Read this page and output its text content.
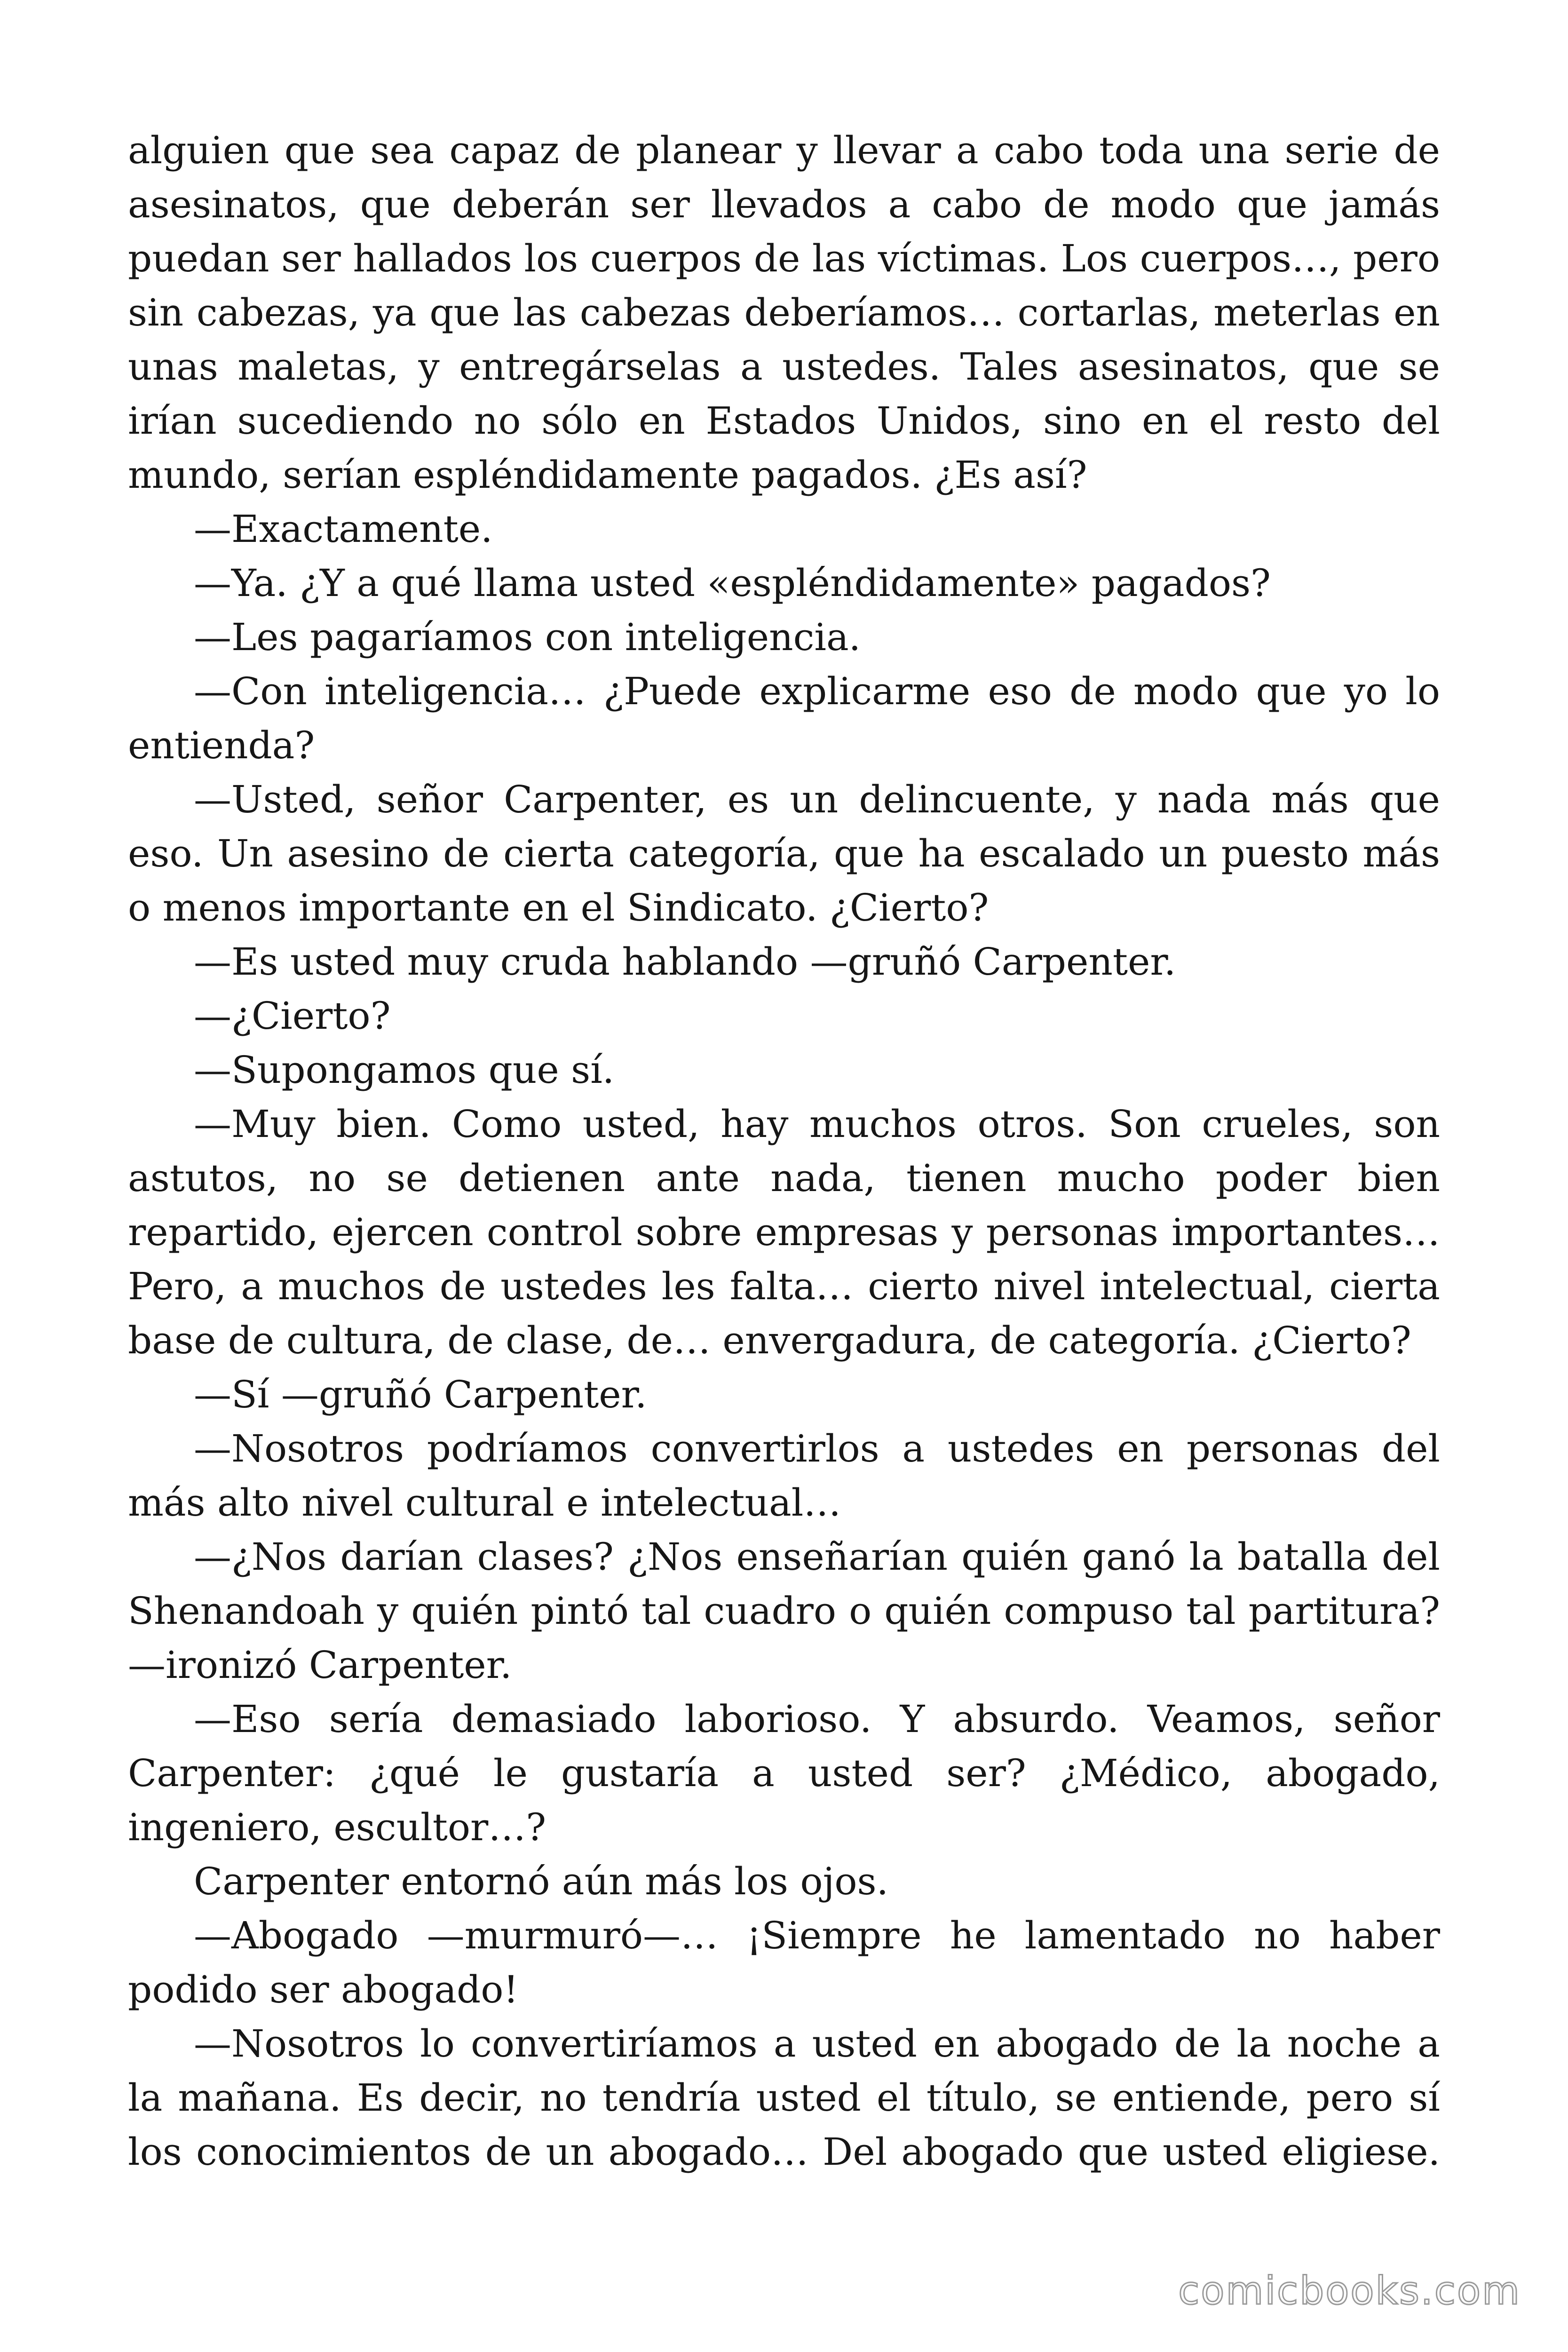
alguien que sea capaz de planear y llevar a cabo toda una serie de asesinatos, que deberán ser llevados a cabo de modo que jamás puedan ser hallados los cuerpos de las víctimas. Los cuerpos…, pero sin cabezas, ya que las cabezas deberíamos… cortarlas, meterlas en unas maletas, y entregárselas a ustedes. Tales asesinatos, que se irían sucediendo no sólo en Estados Unidos, sino en el resto del mundo, serían espléndidamente pagados. ¿Es así?

—Exactamente.

—Ya. ¿Y a qué llama usted «espléndidamente» pagados?

—Les pagaríamos con inteligencia.

—Con inteligencia… ¿Puede explicarme eso de modo que yo lo entienda?

—Usted, señor Carpenter, es un delincuente, y nada más que eso. Un asesino de cierta categoría, que ha escalado un puesto más o menos importante en el Sindicato. ¿Cierto?

—Es usted muy cruda hablando —gruñó Carpenter.

—¿Cierto?

—Supongamos que sí.

—Muy bien. Como usted, hay muchos otros. Son crueles, son astutos, no se detienen ante nada, tienen mucho poder bien repartido, ejercen control sobre empresas y personas importantes… Pero, a muchos de ustedes les falta… cierto nivel intelectual, cierta base de cultura, de clase, de… envergadura, de categoría. ¿Cierto?

—Sí —gruñó Carpenter.

—Nosotros podríamos convertirlos a ustedes en personas del más alto nivel cultural e intelectual…

—¿Nos darían clases? ¿Nos enseñarían quién ganó la batalla del Shenandoah y quién pintó tal cuadro o quién compuso tal partitura? —ironizó Carpenter.

—Eso sería demasiado laborioso. Y absurdo. Veamos, señor Carpenter: ¿qué le gustaría a usted ser? ¿Médico, abogado, ingeniero, escultor…?

Carpenter entornó aún más los ojos.

—Abogado —murmuró—… ¡Siempre he lamentado no haber podido ser abogado!

—Nosotros lo convertiríamos a usted en abogado de la noche a la mañana. Es decir, no tendría usted el título, se entiende, pero sí los conocimientos de un abogado… Del abogado que usted eligiese.

comicbooks.com
